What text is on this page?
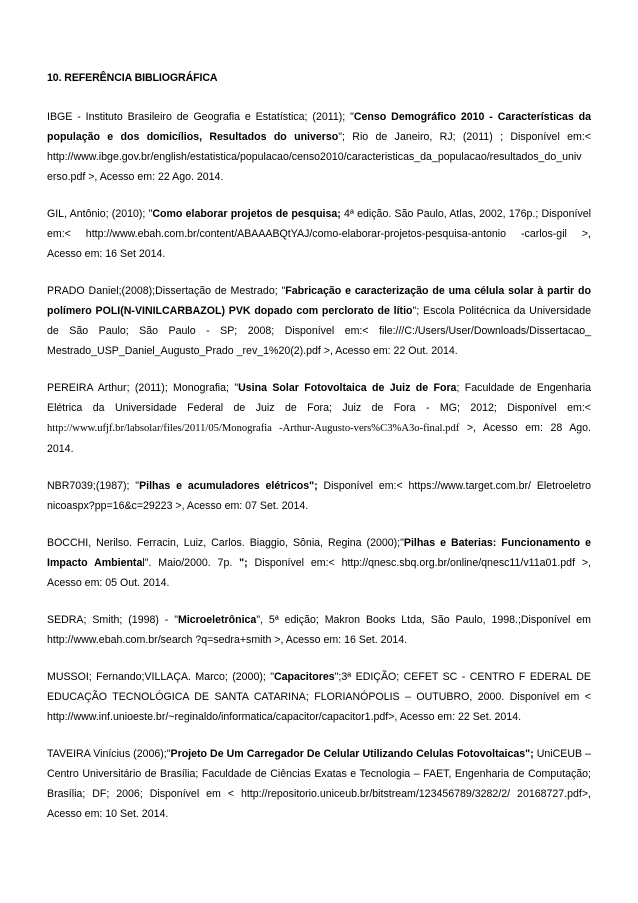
10. REFERÊNCIA BIBLIOGRÁFICA

IBGE - Instituto Brasileiro de Geografia e Estatística; (2011); "Censo Demográfico 2010 - Características da população e dos domicílios, Resultados do universo"; Rio de Janeiro, RJ; (2011) ; Disponível em:< http://www.ibge.gov.br/english/estatistica/populacao/censo2010/caracteristicas_da_populacao/resultados_do_univ erso.pdf >, Acesso em: 22 Ago. 2014.

GIL, Antônio; (2010); "Como elaborar projetos de pesquisa; 4ª edição. São Paulo, Atlas, 2002, 176p.; Disponível em:< http://www.ebah.com.br/content/ABAAABQtYAJ/como-elaborar-projetos-pesquisa-antonio -carlos-gil >, Acesso em: 16 Set 2014.

PRADO Daniel;(2008);Dissertação de Mestrado; "Fabricação e caracterização de uma célula solar à partir do polímero POLI(N-VINILCARBAZOL) PVK dopado com perclorato de lítio"; Escola Politécnica da Universidade de São Paulo; São Paulo - SP; 2008; Disponível em:< file:///C:/Users/User/Downloads/Dissertacao_ Mestrado_USP_Daniel_Augusto_Prado _rev_1%20(2).pdf >, Acesso em: 22 Out. 2014.

PEREIRA Arthur; (2011); Monografia; "Usina Solar Fotovoltaica de Juiz de Fora; Faculdade de Engenharia Elétrica da Universidade Federal de Juiz de Fora; Juiz de Fora - MG; 2012; Disponível em:< http://www.ufjf.br/labsolar/files/2011/05/Monografia -Arthur-Augusto-vers%C3%A3o-final.pdf >, Acesso em: 28 Ago. 2014.

NBR7039;(1987); "Pilhas e acumuladores elétricos"; Disponível em:< https://www.target.com.br/ Eletroeletro nicoaspx?pp=16&c=29223 >, Acesso em: 07 Set. 2014.

BOCCHI, Nerilso. Ferracin, Luiz, Carlos. Biaggio, Sônia, Regina (2000);"Pilhas e Baterias: Funcionamento e Impacto Ambiental". Maio/2000. 7p. "; Disponível em:< http://qnesc.sbq.org.br/online/qnesc11/v11a01.pdf >, Acesso em: 05 Out. 2014.

SEDRA; Smith; (1998) - "Microeletrônica", 5ª edição; Makron Books Ltda, São Paulo, 1998.;Disponível em http://www.ebah.com.br/search ?q=sedra+smith >, Acesso em: 16 Set. 2014.

MUSSOI; Fernando;VILLAÇA. Marco; (2000); "Capacitores";3ª EDIÇÃO; CEFET SC - CENTRO F EDERAL DE EDUCAÇÃO TECNOLÓGICA DE SANTA CATARINA; FLORIANÓPOLIS – OUTUBRO, 2000. Disponível em < http://www.inf.unioeste.br/~reginaldo/informatica/capacitor/capacitor1.pdf>, Acesso em: 22 Set. 2014.

TAVEIRA Vinícius (2006);"Projeto De Um Carregador De Celular Utilizando Celulas Fotovoltaicas"; UniCEUB – Centro Universitário de Brasília; Faculdade de Ciências Exatas e Tecnologia – FAET, Engenharia de Computação; Brasília; DF; 2006; Disponível em < http://repositorio.uniceub.br/bitstream/123456789/3282/2/ 20168727.pdf>, Acesso em: 10 Set. 2014.
